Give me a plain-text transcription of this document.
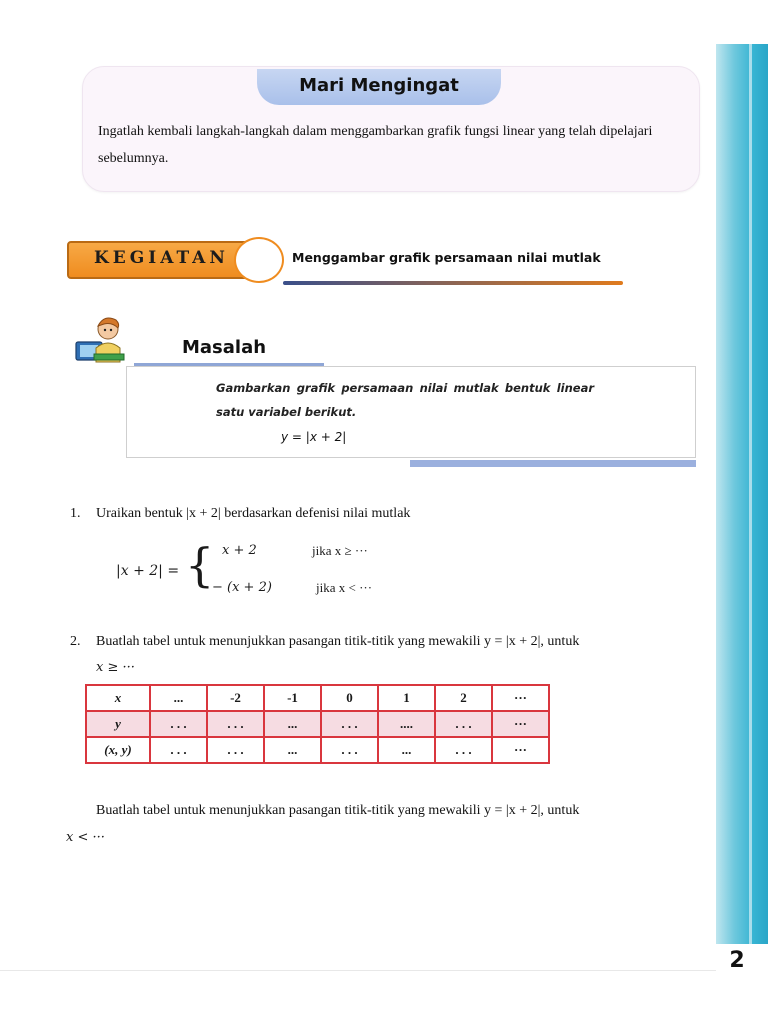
2
Mari Mengingat
Ingatlah kembali langkah-langkah dalam menggambarkan grafik fungsi linear yang telah dipelajari sebelumnya.
KEGIATAN	Menggambar grafik persamaan nilai mutlak
Masalah
Gambarkan grafik persamaan nilai mutlak bentuk linear
satu variabel berikut.
y = |x + 2|
1. Uraikan bentuk |x + 2| berdasarkan defenisi nilai mutlak
|x + 2| = { x + 2	jika x ≥ ···
− (x + 2)	jika x < ···
2. Buatlah tabel untuk menunjukkan pasangan titik-titik yang mewakili y = |x + 2|, untuk
x ≥ ···
x	...	-2	-1	0	1	2	···
y	. . .	. . .	...	. . .	....	. . .	···
(x, y)	. . .	. . .	...	. . .	...	. . .	···
Buatlah tabel untuk menunjukkan pasangan titik-titik yang mewakili y = |x + 2|, untuk
x < ···
